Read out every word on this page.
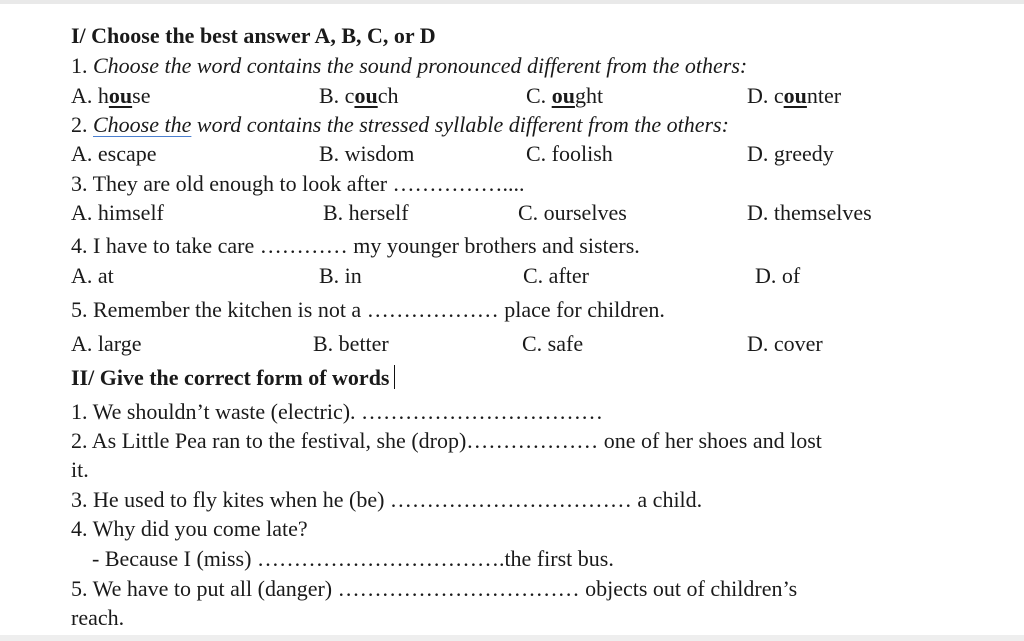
I/ Choose the best answer A, B, C, or D
1. Choose the word contains the sound pronounced different from the others:
A. house	B. couch	C. ought	D. counter
2. Choose the word contains the stressed syllable different from the others:
A. escape	B. wisdom	C. foolish	D. greedy
3. They are old enough to look after ……………....
A. himself	B. herself	C. ourselves	D. themselves
4. I have to take care ………… my younger brothers and sisters.
A. at	B. in	C. after	D. of
5. Remember the kitchen is not a ……………… place for children.
A. large	B. better	C. safe	D. cover
II/ Give the correct form of words
1. We shouldn’t waste (electric). ……………………………
2. As Little Pea ran to the festival, she (drop)……………… one of her shoes and lost
it.
3. He used to fly kites when he (be) …………………………… a child.
4. Why did you come late?
- Because I (miss) …………………………….the first bus.
5. We have to put all (danger) …………………………… objects out of children’s
reach.
